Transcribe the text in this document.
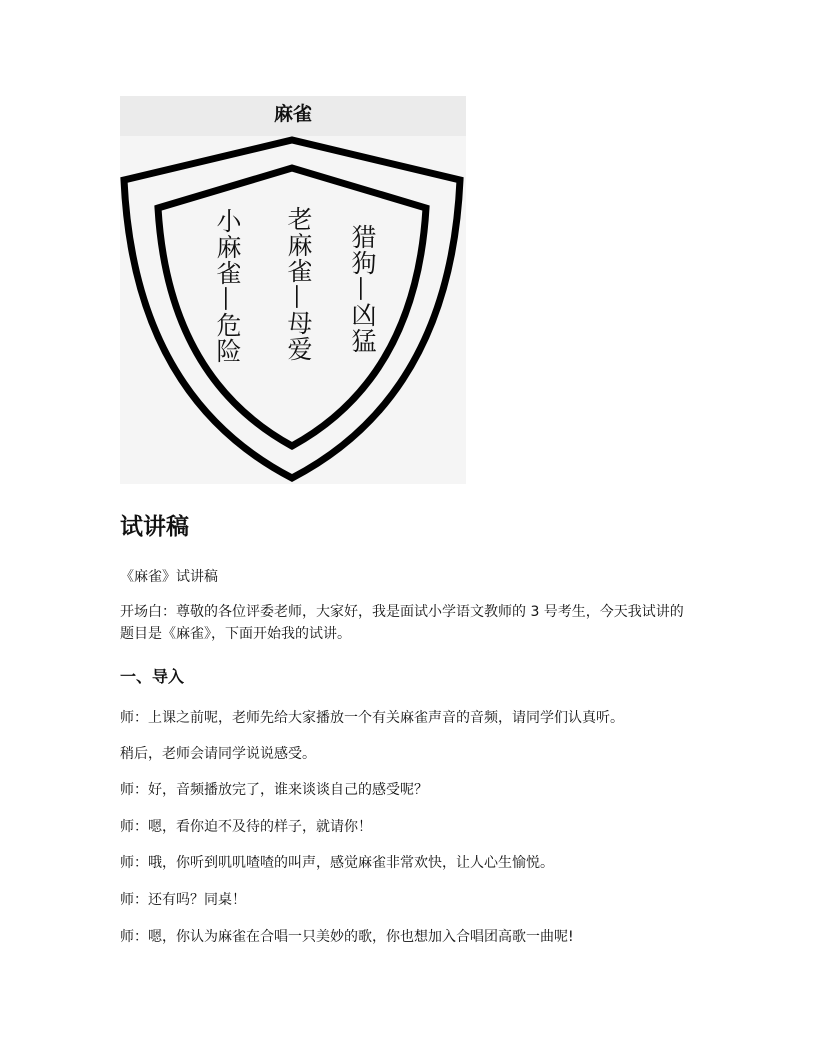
麻雀
小麻雀—危险 老麻雀—母爱 猎狗—凶猛
试讲稿

《麻雀》试讲稿

开场白：尊敬的各位评委老师，大家好，我是面试小学语文教师的 3 号考生，今天我试讲的题目是《麻雀》，下面开始我的试讲。

一、导入

师：上课之前呢，老师先给大家播放一个有关麻雀声音的音频，请同学们认真听。

稍后，老师会请同学说说感受。

师：好，音频播放完了，谁来谈谈自己的感受呢？

师：嗯，看你迫不及待的样子，就请你！

师：哦，你听到叽叽喳喳的叫声，感觉麻雀非常欢快，让人心生愉悦。

师：还有吗？同桌！

师：嗯，你认为麻雀在合唱一只美妙的歌，你也想加入合唱团高歌一曲呢!
